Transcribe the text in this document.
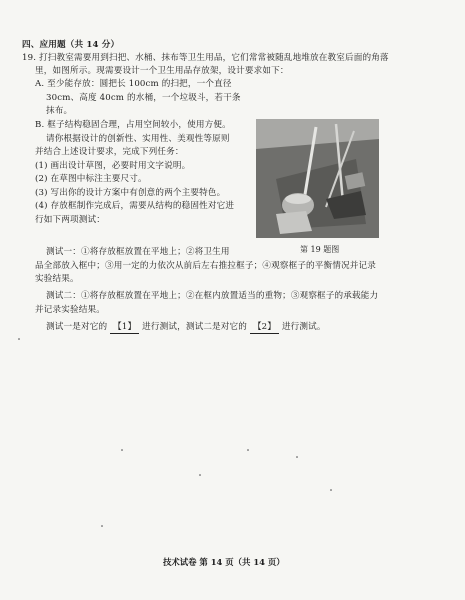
四、应用题（共 14 分）
19. 打扫教室需要用到扫把、水桶、抹布等卫生用品，它们常常被随乱地堆放在教室后面的角落
里，如图所示。现需要设计一个卫生用品存放架，设计要求如下：
A. 至少能存放：圆把长 100cm 的扫把，一个直径
30cm、高度 40cm 的水桶，一个垃圾斗，若干条
抹布。
B. 框子结构稳固合理，占用空间较小，使用方便。
请你根据设计的创新性、实用性、美观性等原则
并结合上述设计要求，完成下列任务：
(1) 画出设计草图，必要时用文字说明。
(2) 在草图中标注主要尺寸。
(3) 写出你的设计方案中有创意的两个主要特色。
(4) 存放框制作完成后，需要从结构的稳固性对它进
行如下两项测试：
第 19 题图
测试一：①将存放框放置在平地上；②将卫生用
品全部放入框中；③用一定的力依次从前后左右推拉框子；④观察框子的平衡情况并记录
实验结果。
测试二：①将存放框放置在平地上；②在框内放置适当的重物；③观察框子的承载能力
并记录实验结果。
测试一是对它的 【1】 进行测试，测试二是对它的 【2】 进行测试。
技术试卷 第 14 页（共 14 页）
